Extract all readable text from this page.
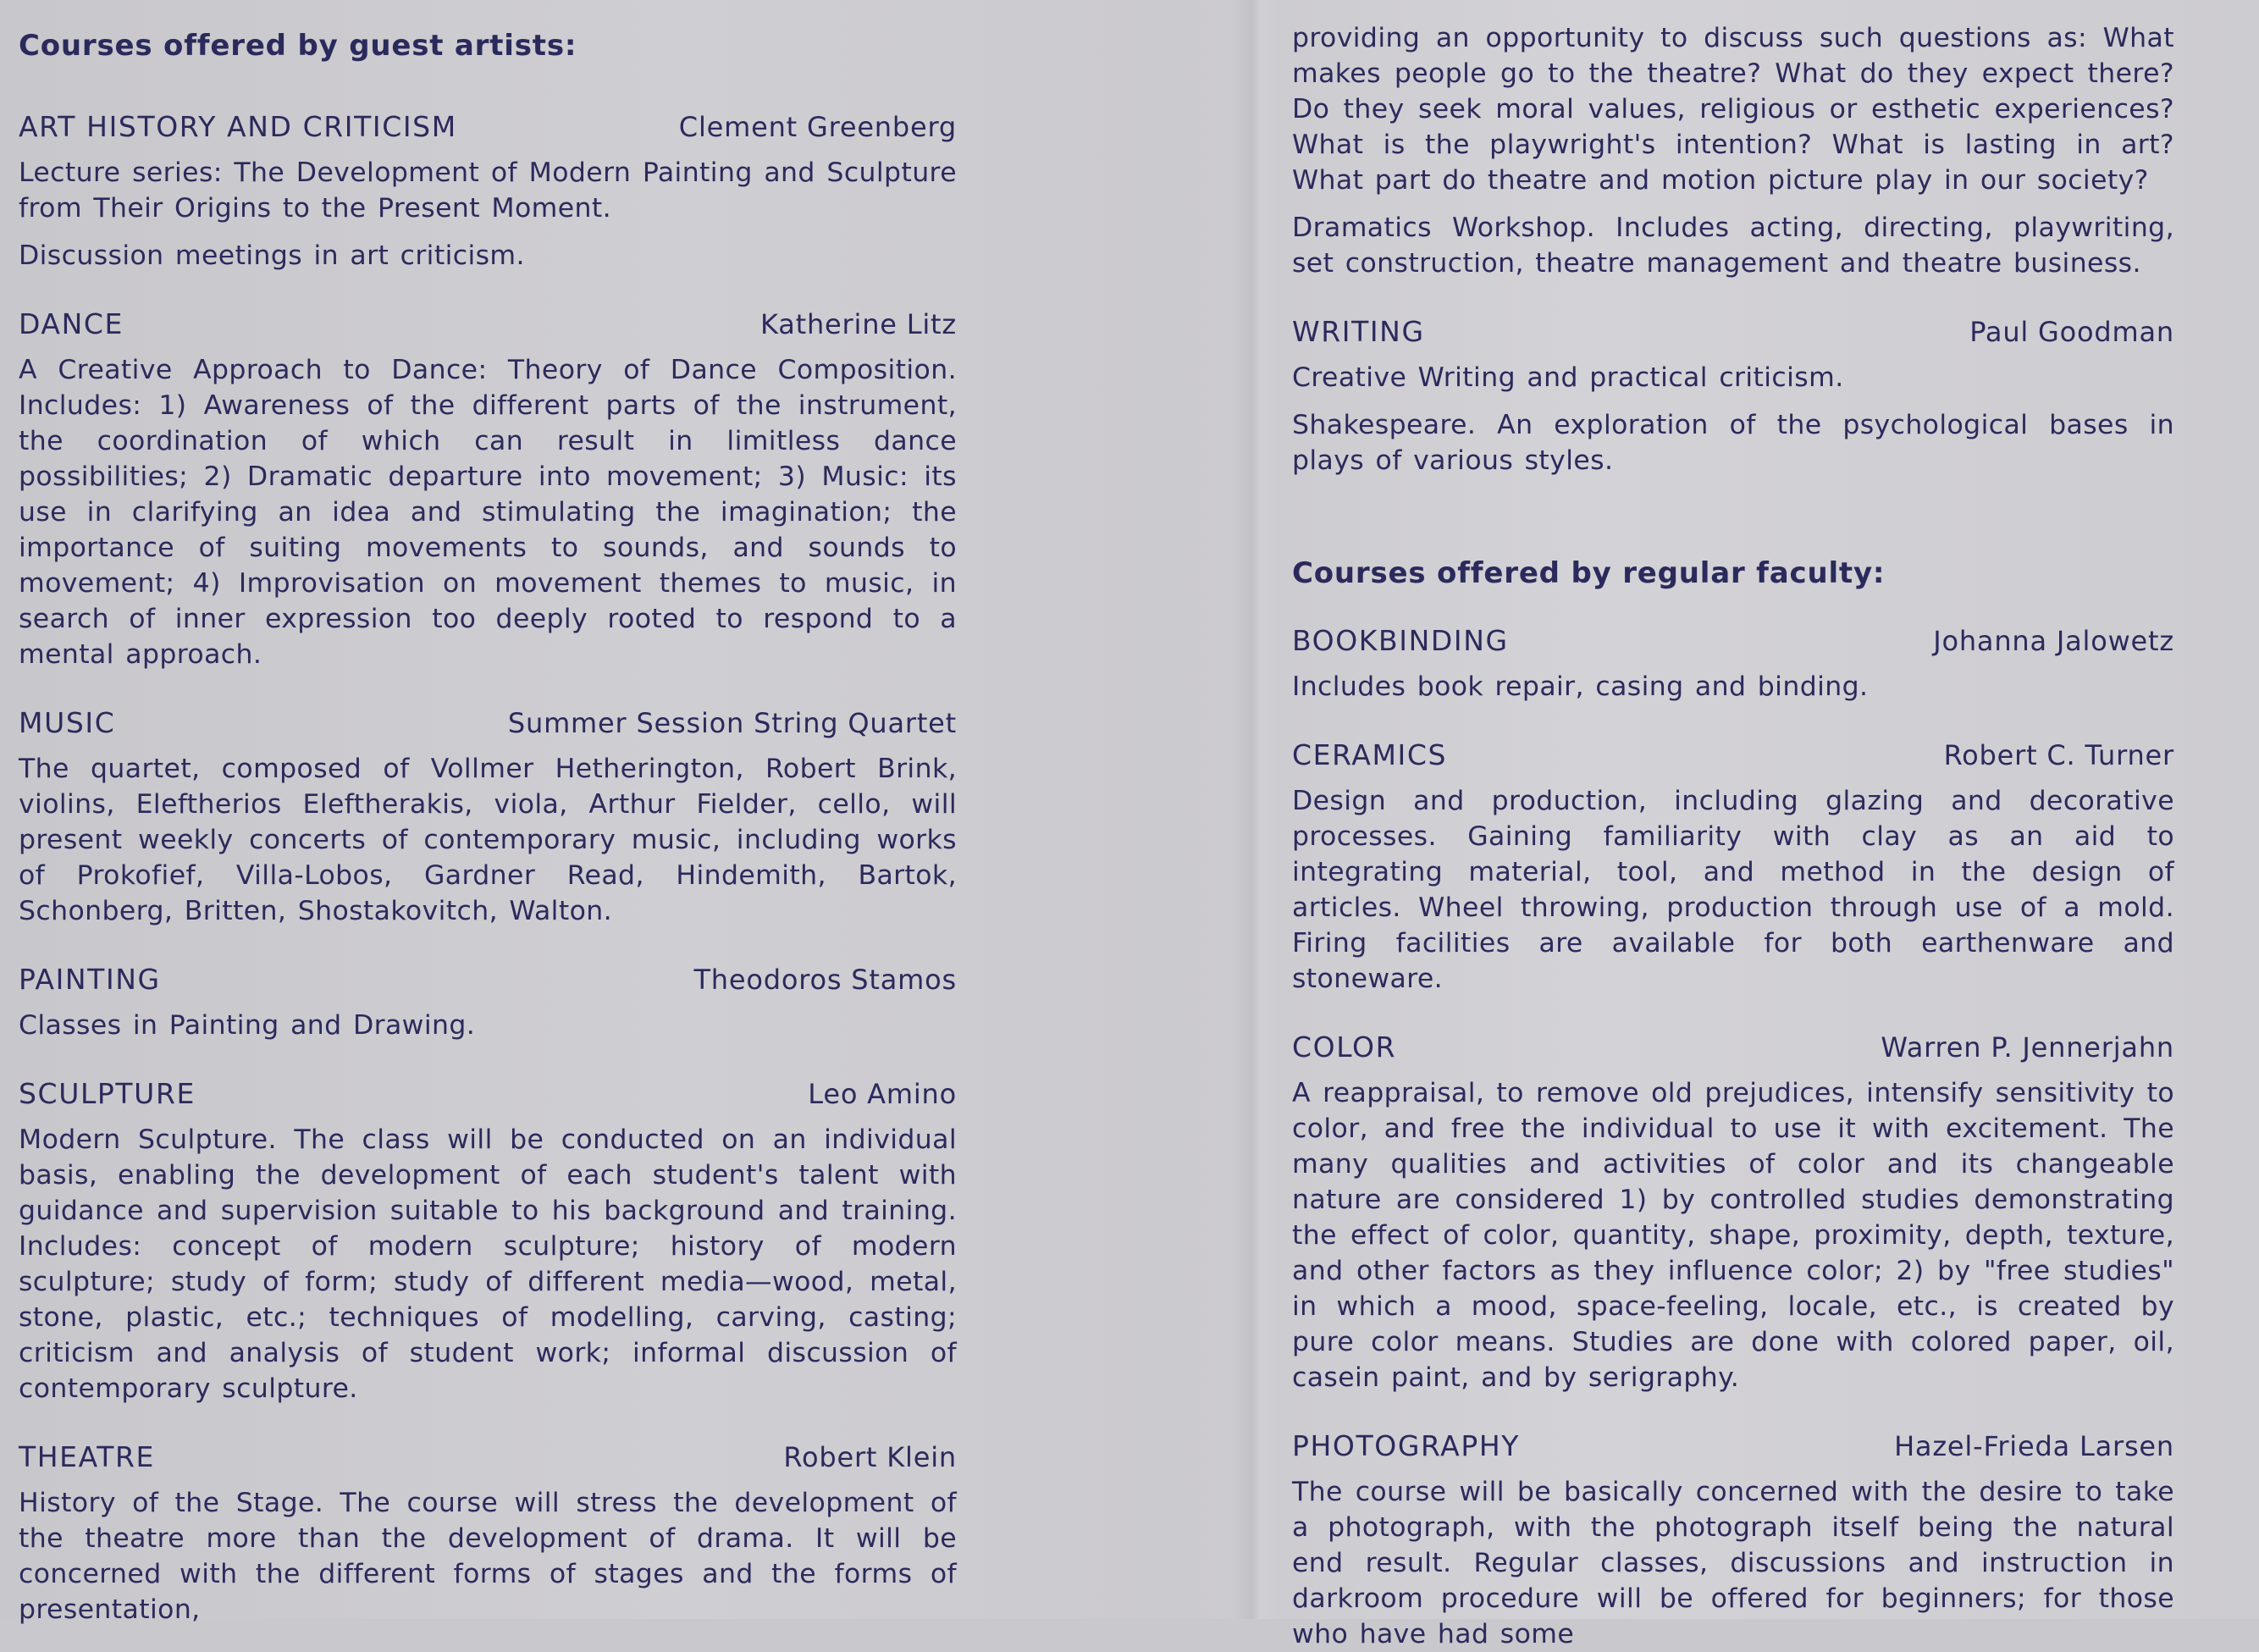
Courses offered by guest artists:
ART HISTORY AND CRITICISM	Clement Greenberg

Lecture series: The Development of Modern Painting and Sculpture from Their Origins to the Present Moment.

Discussion meetings in art criticism.

DANCE	Katherine Litz

A Creative Approach to Dance: Theory of Dance Composition. Includes: 1) Awareness of the different parts of the instrument, the coordination of which can result in limitless dance possibilities; 2) Dramatic departure into movement; 3) Music: its use in clarifying an idea and stimulating the imagination; the importance of suiting movements to sounds, and sounds to movement; 4) Improvisation on movement themes to music, in search of inner expression too deeply rooted to respond to a mental approach.

MUSIC	Summer Session String Quartet

The quartet, composed of Vollmer Hetherington, Robert Brink, violins, Eleftherios Eleftherakis, viola, Arthur Fielder, cello, will present weekly concerts of contemporary music, including works of Prokofief, Villa-Lobos, Gardner Read, Hindemith, Bartok, Schonberg, Britten, Shostakovitch, Walton.

PAINTING	Theodoros Stamos

Classes in Painting and Drawing.

SCULPTURE	Leo Amino

Modern Sculpture. The class will be conducted on an individual basis, enabling the development of each student's talent with guidance and supervision suitable to his background and training. Includes: concept of modern sculpture; history of modern sculpture; study of form; study of different media—wood, metal, stone, plastic, etc.; techniques of modelling, carving, casting; criticism and analysis of student work; informal discussion of contemporary sculpture.

THEATRE	Robert Klein

History of the Stage. The course will stress the development of the theatre more than the development of drama. It will be concerned with the different forms of stages and the forms of presentation,

providing an opportunity to discuss such questions as: What makes people go to the theatre? What do they expect there? Do they seek moral values, religious or esthetic experiences? What is the playwright's intention? What is lasting in art? What part do theatre and motion picture play in our society?

Dramatics Workshop. Includes acting, directing, playwriting, set construction, theatre management and theatre business.

WRITING	Paul Goodman

Creative Writing and practical criticism.

Shakespeare. An exploration of the psychological bases in plays of various styles.

Courses offered by regular faculty:
BOOKBINDING	Johanna Jalowetz

Includes book repair, casing and binding.

CERAMICS	Robert C. Turner

Design and production, including glazing and decorative processes. Gaining familiarity with clay as an aid to integrating material, tool, and method in the design of articles. Wheel throwing, production through use of a mold. Firing facilities are available for both earthenware and stoneware.

COLOR	Warren P. Jennerjahn

A reappraisal, to remove old prejudices, intensify sensitivity to color, and free the individual to use it with excitement. The many qualities and activities of color and its changeable nature are considered 1) by controlled studies demonstrating the effect of color, quantity, shape, proximity, depth, texture, and other factors as they influence color; 2) by "free studies" in which a mood, space-feeling, locale, etc., is created by pure color means. Studies are done with colored paper, oil, casein paint, and by serigraphy.

PHOTOGRAPHY	Hazel-Frieda Larsen

The course will be basically concerned with the desire to take a photograph, with the photograph itself being the natural end result. Regular classes, discussions and instruction in darkroom procedure will be offered for beginners; for those who have had some
